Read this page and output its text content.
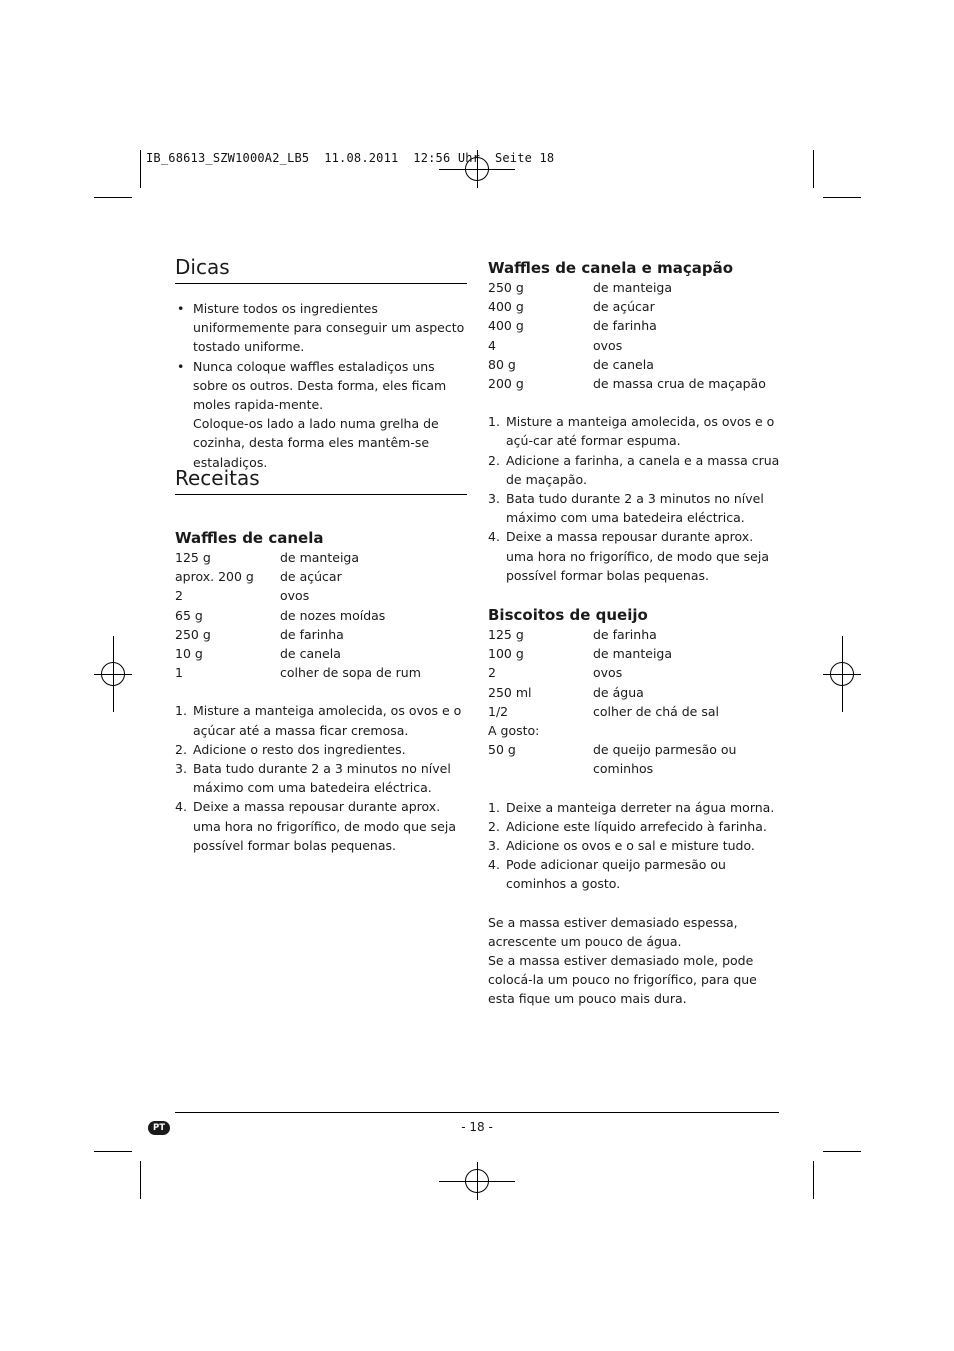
IB_68613_SZW1000A2_LB5  11.08.2011  12:56 Uhr  Seite 18
Dicas
• Misture todos os ingredientes uniformemente para conseguir um aspecto tostado uniforme.
• Nunca coloque waffles estaladiços uns sobre os outros. Desta forma, eles ficam moles rapida-mente.
Coloque-os lado a lado numa grelha de cozinha, desta forma eles mantêm-se estaladiços.
Receitas
Waffles de canela
125 g	de manteiga
aprox. 200 g	de açúcar
2	ovos
65 g	de nozes moídas
250 g	de farinha
10 g	de canela
1	colher de sopa de rum
1. Misture a manteiga amolecida, os ovos e o açúcar até a massa ficar cremosa.
2. Adicione o resto dos ingredientes.
3. Bata tudo durante 2 a 3 minutos no nível máximo com uma batedeira eléctrica.
4. Deixe a massa repousar durante aprox. uma hora no frigorífico, de modo que seja possível formar bolas pequenas.
Waffles de canela e maçapão
250 g	de manteiga
400 g	de açúcar
400 g	de farinha
4	ovos
80 g	de canela
200 g	de massa crua de maçapão
1. Misture a manteiga amolecida, os ovos e o açú-car até formar espuma.
2. Adicione a farinha, a canela e a massa crua de maçapão.
3. Bata tudo durante 2 a 3 minutos no nível máximo com uma batedeira eléctrica.
4. Deixe a massa repousar durante aprox. uma hora no frigorífico, de modo que seja possível formar bolas pequenas.
Biscoitos de queijo
125 g	de farinha
100 g	de manteiga
2	ovos
250 ml	de água
1/2	colher de chá de sal
A gosto:	
50 g	de queijo parmesão ou cominhos
1. Deixe a manteiga derreter na água morna.
2. Adicione este líquido arrefecido à farinha.
3. Adicione os ovos e o sal e misture tudo.
4. Pode adicionar queijo parmesão ou cominhos a gosto.

Se a massa estiver demasiado espessa, acrescente um pouco de água.
Se a massa estiver demasiado mole, pode colocá-la um pouco no frigorífico, para que esta fique um pouco mais dura.

PT	- 18 -
